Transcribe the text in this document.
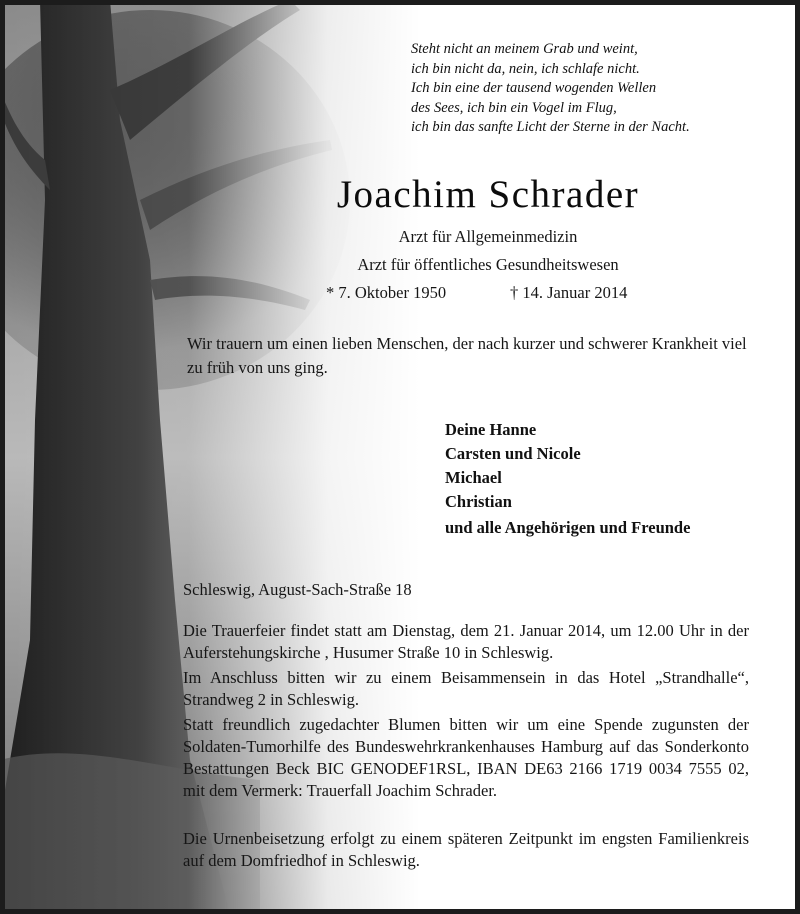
Steht nicht an meinem Grab und weint,
ich bin nicht da, nein, ich schlafe nicht.
Ich bin eine der tausend wogenden Wellen
des Sees, ich bin ein Vogel im Flug,
ich bin das sanfte Licht der Sterne in der Nacht.
Joachim Schrader
Arzt für Allgemeinmedizin
Arzt für öffentliches Gesundheitswesen
* 7. Oktober 1950	† 14. Januar 2014
Wir trauern um einen lieben Menschen, der nach kurzer und schwerer Krankheit viel zu früh von uns ging.
Deine Hanne
Carsten und Nicole
Michael
Christian
und alle Angehörigen und Freunde
Schleswig, August-Sach-Straße 18
Die Trauerfeier findet statt am Dienstag, dem 21. Januar 2014, um 12.00 Uhr in der Auferstehungskirche , Husumer Straße 10 in Schleswig.
Im Anschluss bitten wir zu einem Beisammensein in das Hotel „Strandhalle“, Strandweg 2 in Schleswig.
Statt freundlich zugedachter Blumen bitten wir um eine Spende zugunsten der Soldaten-Tumorhilfe des Bundeswehrkrankenhauses Hamburg auf das Sonderkonto Bestattungen Beck BIC GENODEF1RSL, IBAN DE63 2166 1719 0034 7555 02, mit dem Vermerk: Trauerfall Joachim Schrader.
Die Urnenbeisetzung erfolgt zu einem späteren Zeitpunkt im engsten Familienkreis auf dem Domfriedhof in Schleswig.
